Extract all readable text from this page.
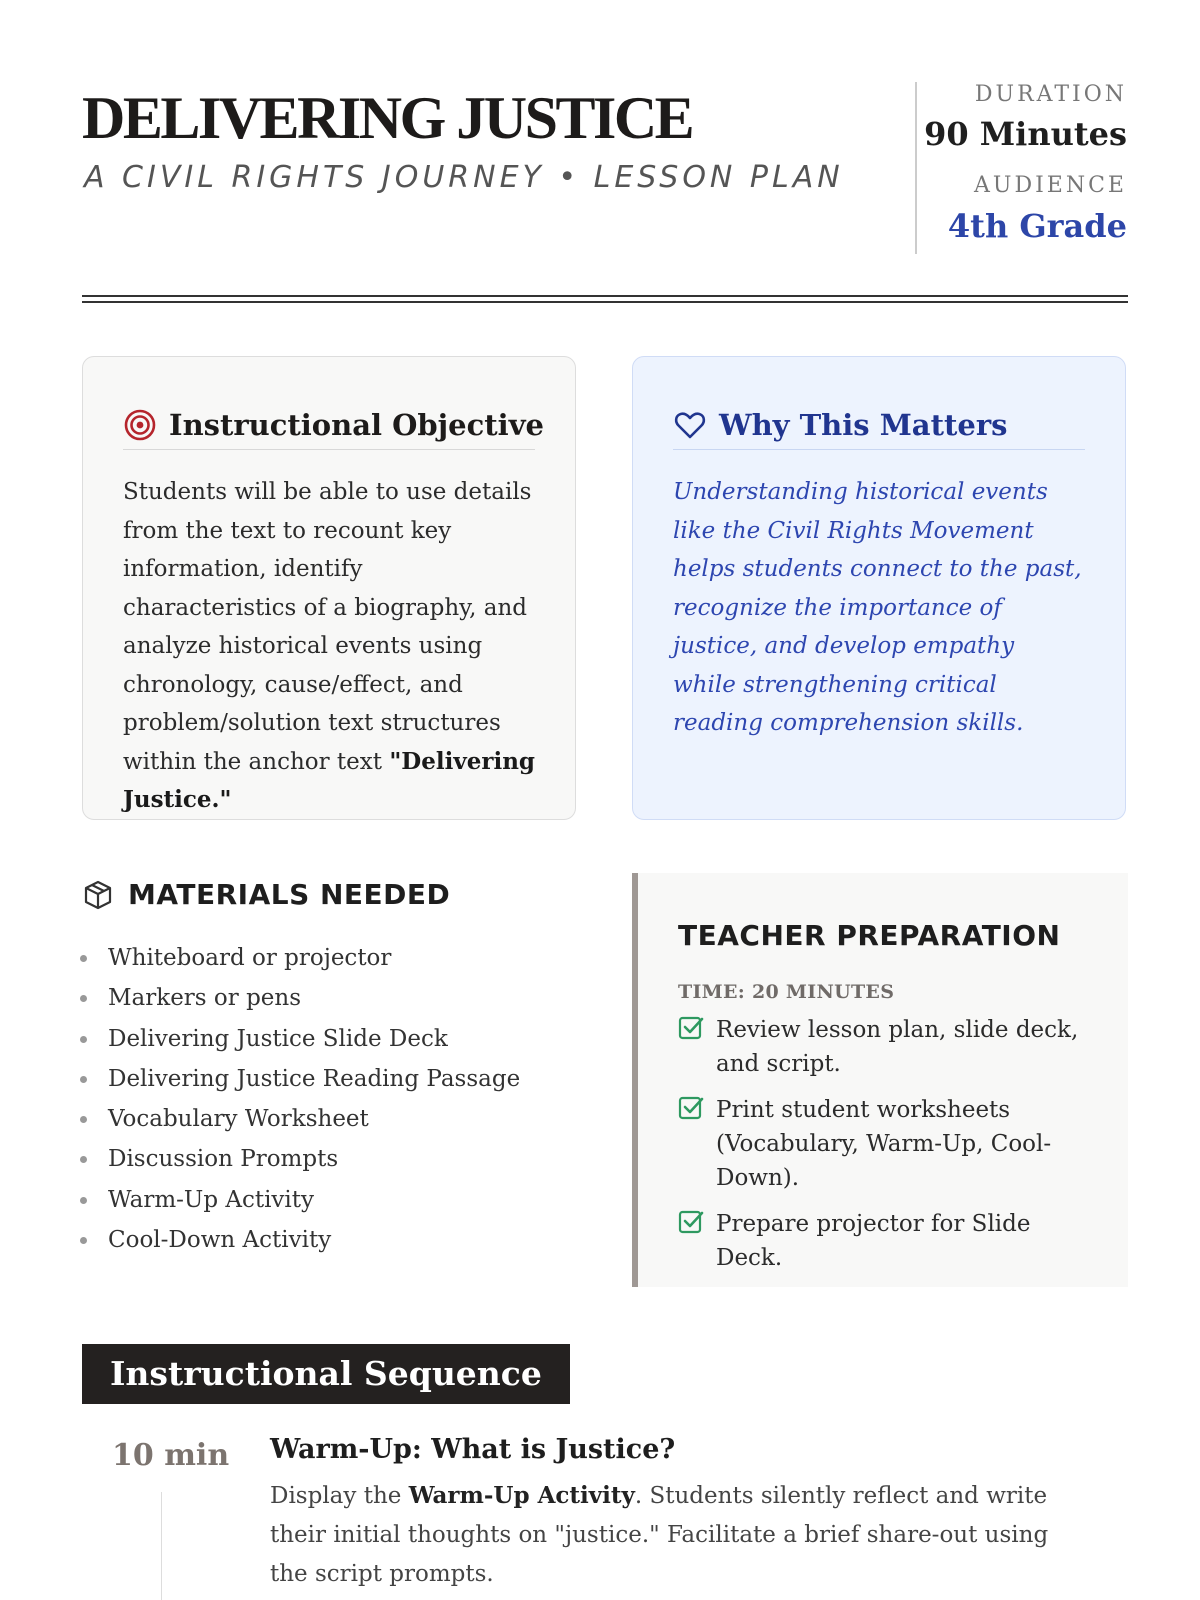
DELIVERING JUSTICE
A CIVIL RIGHTS JOURNEY • LESSON PLAN
DURATION
90 Minutes
AUDIENCE
4th Grade
Instructional Objective
Students will be able to use details from the text to recount key information, identify characteristics of a biography, and analyze historical events using chronology, cause/effect, and problem/solution text structures within the anchor text "Delivering Justice."
Why This Matters
Understanding historical events like the Civil Rights Movement helps students connect to the past, recognize the importance of justice, and develop empathy while strengthening critical reading comprehension skills.
MATERIALS NEEDED
Whiteboard or projector
Markers or pens
Delivering Justice Slide Deck
Delivering Justice Reading Passage
Vocabulary Worksheet
Discussion Prompts
Warm-Up Activity
Cool-Down Activity
TEACHER PREPARATION
TIME: 20 MINUTES
Review lesson plan, slide deck, and script.
Print student worksheets (Vocabulary, Warm-Up, Cool-Down).
Prepare projector for Slide Deck.
Instructional Sequence
10 min Warm-Up: What is Justice?
Display the Warm-Up Activity. Students silently reflect and write their initial thoughts on "justice." Facilitate a brief share-out using the script prompts.
